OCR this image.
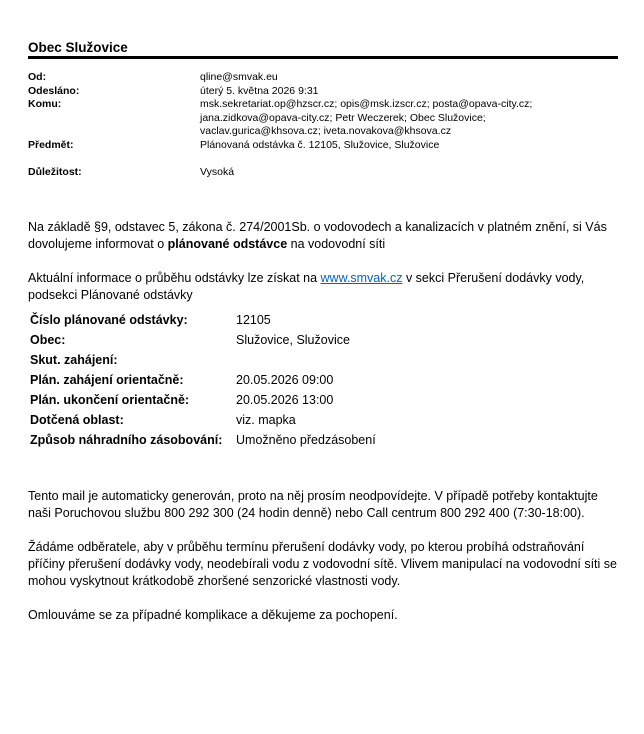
Obec Služovice
Od:	qline@smvak.eu
Odesláno:	úterý 5. května 2026 9:31
Komu:	msk.sekretariat.op@hzscr.cz; opis@msk.izscr.cz; posta@opava-city.cz;
jana.zidkova@opava-city.cz; Petr Weczerek; Obec Služovice;
vaclav.gurica@khsova.cz; iveta.novakova@khsova.cz
Předmět:	Plánovaná odstávka č. 12105, Služovice, Služovice
Důležitost:	Vysoká

Na základě §9, odstavec 5, zákona č. 274/2001Sb. o vodovodech a kanalizacích v platném znění, si Vás dovolujeme informovat o plánované odstávce na vodovodní síti

Aktuální informace o průběhu odstávky lze získat na www.smvak.cz v sekci Přerušení dodávky vody, podsekci Plánované odstávky

Číslo plánované odstávky:	12105
Obec:	Služovice, Služovice
Skut. zahájení:	
Plán. zahájení orientačně:	20.05.2026 09:00
Plán. ukončení orientačně:	20.05.2026 13:00
Dotčená oblast:	viz. mapka
Způsob náhradního zásobování:	Umožněno předzásobení

Tento mail je automaticky generován, proto na něj prosím neodpovídejte. V případě potřeby kontaktujte naši Poruchovou službu 800 292 300 (24 hodin denně) nebo Call centrum 800 292 400 (7:30-18:00).

Žádáme odběratele, aby v průběhu termínu přerušení dodávky vody, po kterou probíhá odstraňování příčiny přerušení dodávky vody, neodebírali vodu z vodovodní sítě. Vlivem manipulací na vodovodní síti se mohou vyskytnout krátkodobě zhoršené senzorické vlastnosti vody.

Omlouváme se za případné komplikace a děkujeme za pochopení.
